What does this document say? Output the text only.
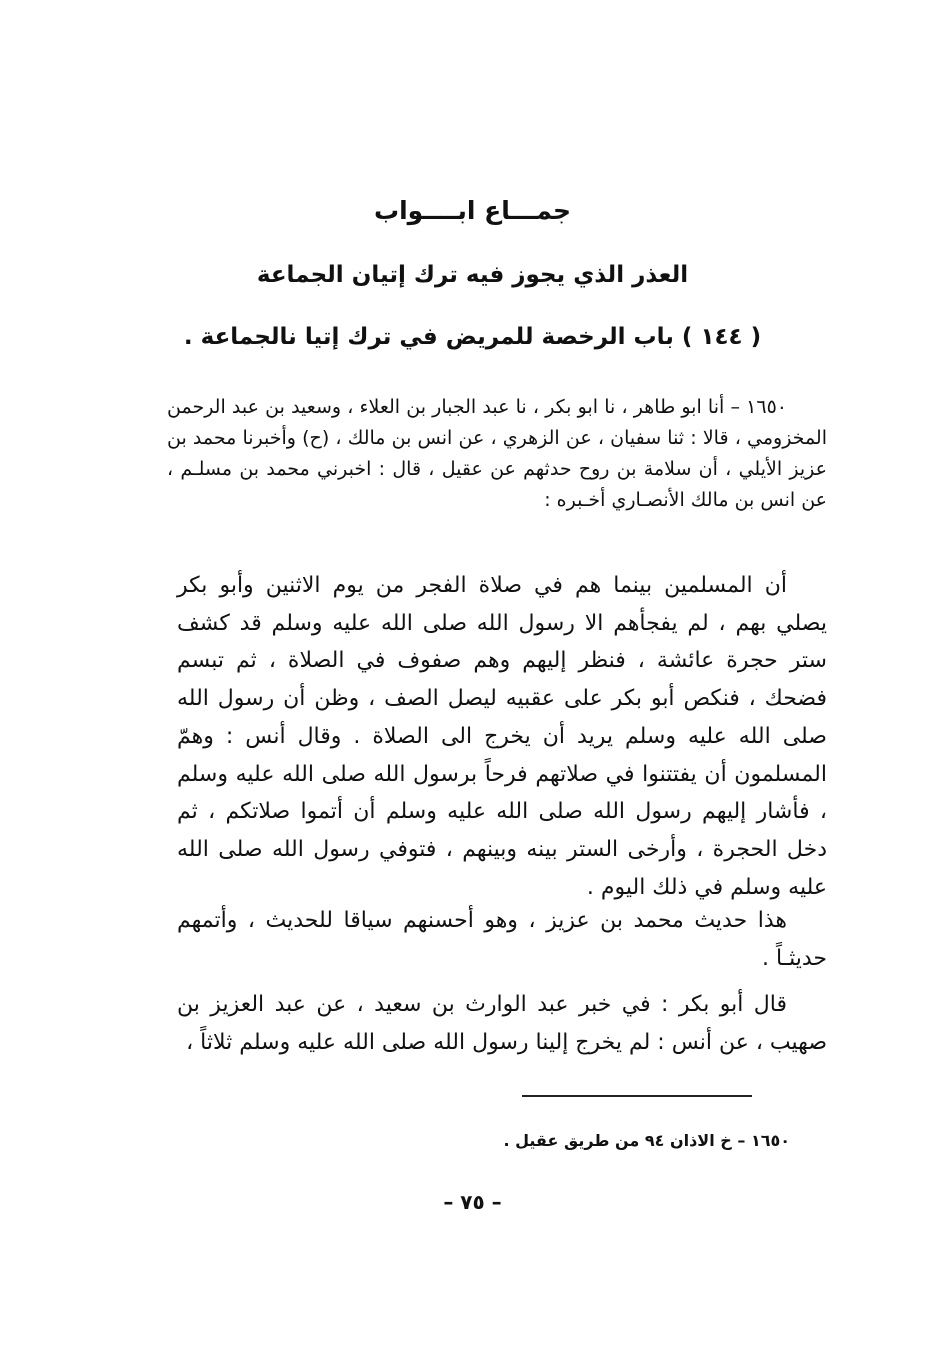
جمـــاع ابــــواب
العذر الذي يجوز فيه ترك إتيان الجماعة
( ١٤٤ ) باب الرخصة للمريض في ترك إتيا نالجماعة .

١٦٥٠ – أنا ابو طاهر ، نا ابو بكر ، نا عبد الجبار بن العلاء ، وسعيد بن عبد الرحمن المخزومي ، قالا : ثنا سفيان ، عن الزهري ، عن انس بن مالك ، (ح) وأخبرنا محمد بن عزيز الأيلي ، أن سلامة بن روح حدثهم عن عقيل ، قال : اخبرني محمد بن مسلـم ، عن انس بن مالك الأنصـاري أخـبره :

أن المسلمين بينما هم في صلاة الفجر من يوم الاثنين وأبو بكر يصلي بهم ، لم يفجأهم الا رسول الله صلى الله عليه وسلم قد كشف ستر حجرة عائشة ، فنظر إليهم وهم صفوف في الصلاة ، ثم تبسم فضحك ، فنكص أبو بكر على عقبيه ليصل الصف ، وظن أن رسول الله صلى الله عليه وسلم يريد أن يخرج الى الصلاة . وقال أنس : وهمّ المسلمون أن يفتتنوا في صلاتهم فرحاً برسول الله صلى الله عليه وسلم ، فأشار إليهم رسول الله صلى الله عليه وسلم أن أتموا صلاتكم ، ثم دخل الحجرة ، وأرخى الستر بينه وبينهم ، فتوفي رسول الله صلى الله عليه وسلم في ذلك اليوم .

هذا حديث محمد بن عزيز ، وهو أحسنهم سياقا للحديث ، وأتمهم حديثـاً .

قال أبو بكر : في خبر عبد الوارث بن سعيد ، عن عبد العزيز بن صهيب ، عن أنس : لم يخرج إلينا رسول الله صلى الله عليه وسلم ثلاثاً ،

١٦٥٠ – خ الاذان ٩٤ من طريق عقيل .
– ٧٥ –
